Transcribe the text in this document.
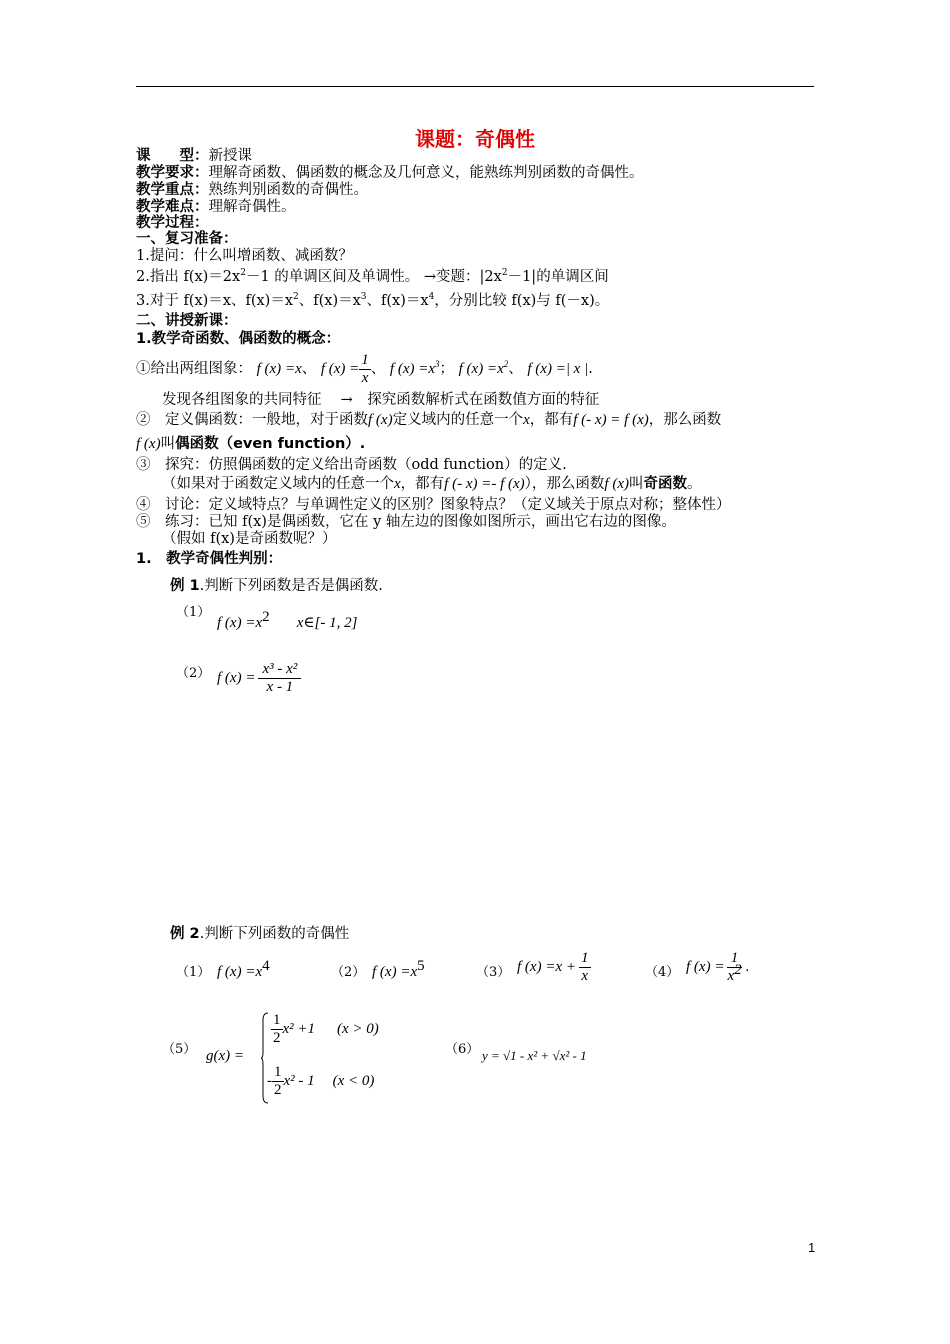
课题：奇偶性
课　　型：新授课
教学要求：理解奇函数、偶函数的概念及几何意义，能熟练判别函数的奇偶性。
教学重点：熟练判别函数的奇偶性。
教学难点：理解奇偶性。
教学过程：
一、复习准备：
1.提问：什么叫增函数、减函数？
2.指出 $f(x)=2x^2-1$ 的单调区间及单调性。 →变题：$|2x^2-1|$的单调区间
3.对于 f(x)＝x、$f(x)=x^2$、$f(x)=x^3$、$f(x)=x^4$，分别比较 f(x)与 f(－x)。
二、讲授新课：
1.教学奇函数、偶函数的概念：
①给出两组图象： f (x) =x、 f $(x) = \frac{1}{x}$ 、 f $(x) =x^3$； f $(x) =x^2$、 f (x) =| x |.
发现各组图象的共同特征　 →　探究函数解析式在函数值方面的特征
②　定义偶函数：一般地，对于函数f (x)定义域内的任意一个x，都有f (- x) = f (x)，那么函数
f (x)叫偶函数（even function）.
③　探究：仿照偶函数的定义给出奇函数（odd function）的定义.
（如果对于函数定义域内的任意一个x，都有f (- x) =- f (x)），那么函数f (x)叫奇函数。
④　讨论：定义域特点？与单调性定义的区别？图象特点？（定义域关于原点对称；整体性）
⑤　练习：已知 f(x)是偶函数，它在 y 轴左边的图像如图所示，画出它右边的图像。
（假如 f(x)是奇函数呢？）
1.　教学奇偶性判别：
例 1.判断下列函数是否是偶函数.
（1）
f $(x) =x^2$ x∈[- 1, 2]
（2） f $(x) = \frac{\text{x³ - x²}}{x - 1}$
例 2.判断下列函数的奇偶性
（1） f $(x) =x^4$	（2） f $(x) =x^5$	（3） f $(x) =x + \frac{1}{x}$	（4） f $(x) = \frac{1}{x^2}$ .
（5） g(x) =
$\frac{1}{2} x^2 +1$ (x > 0)
- $\frac{1}{2} x^2 - 1$ (x < 0)
（6） y = √1 - x² + √x² - 1
1
